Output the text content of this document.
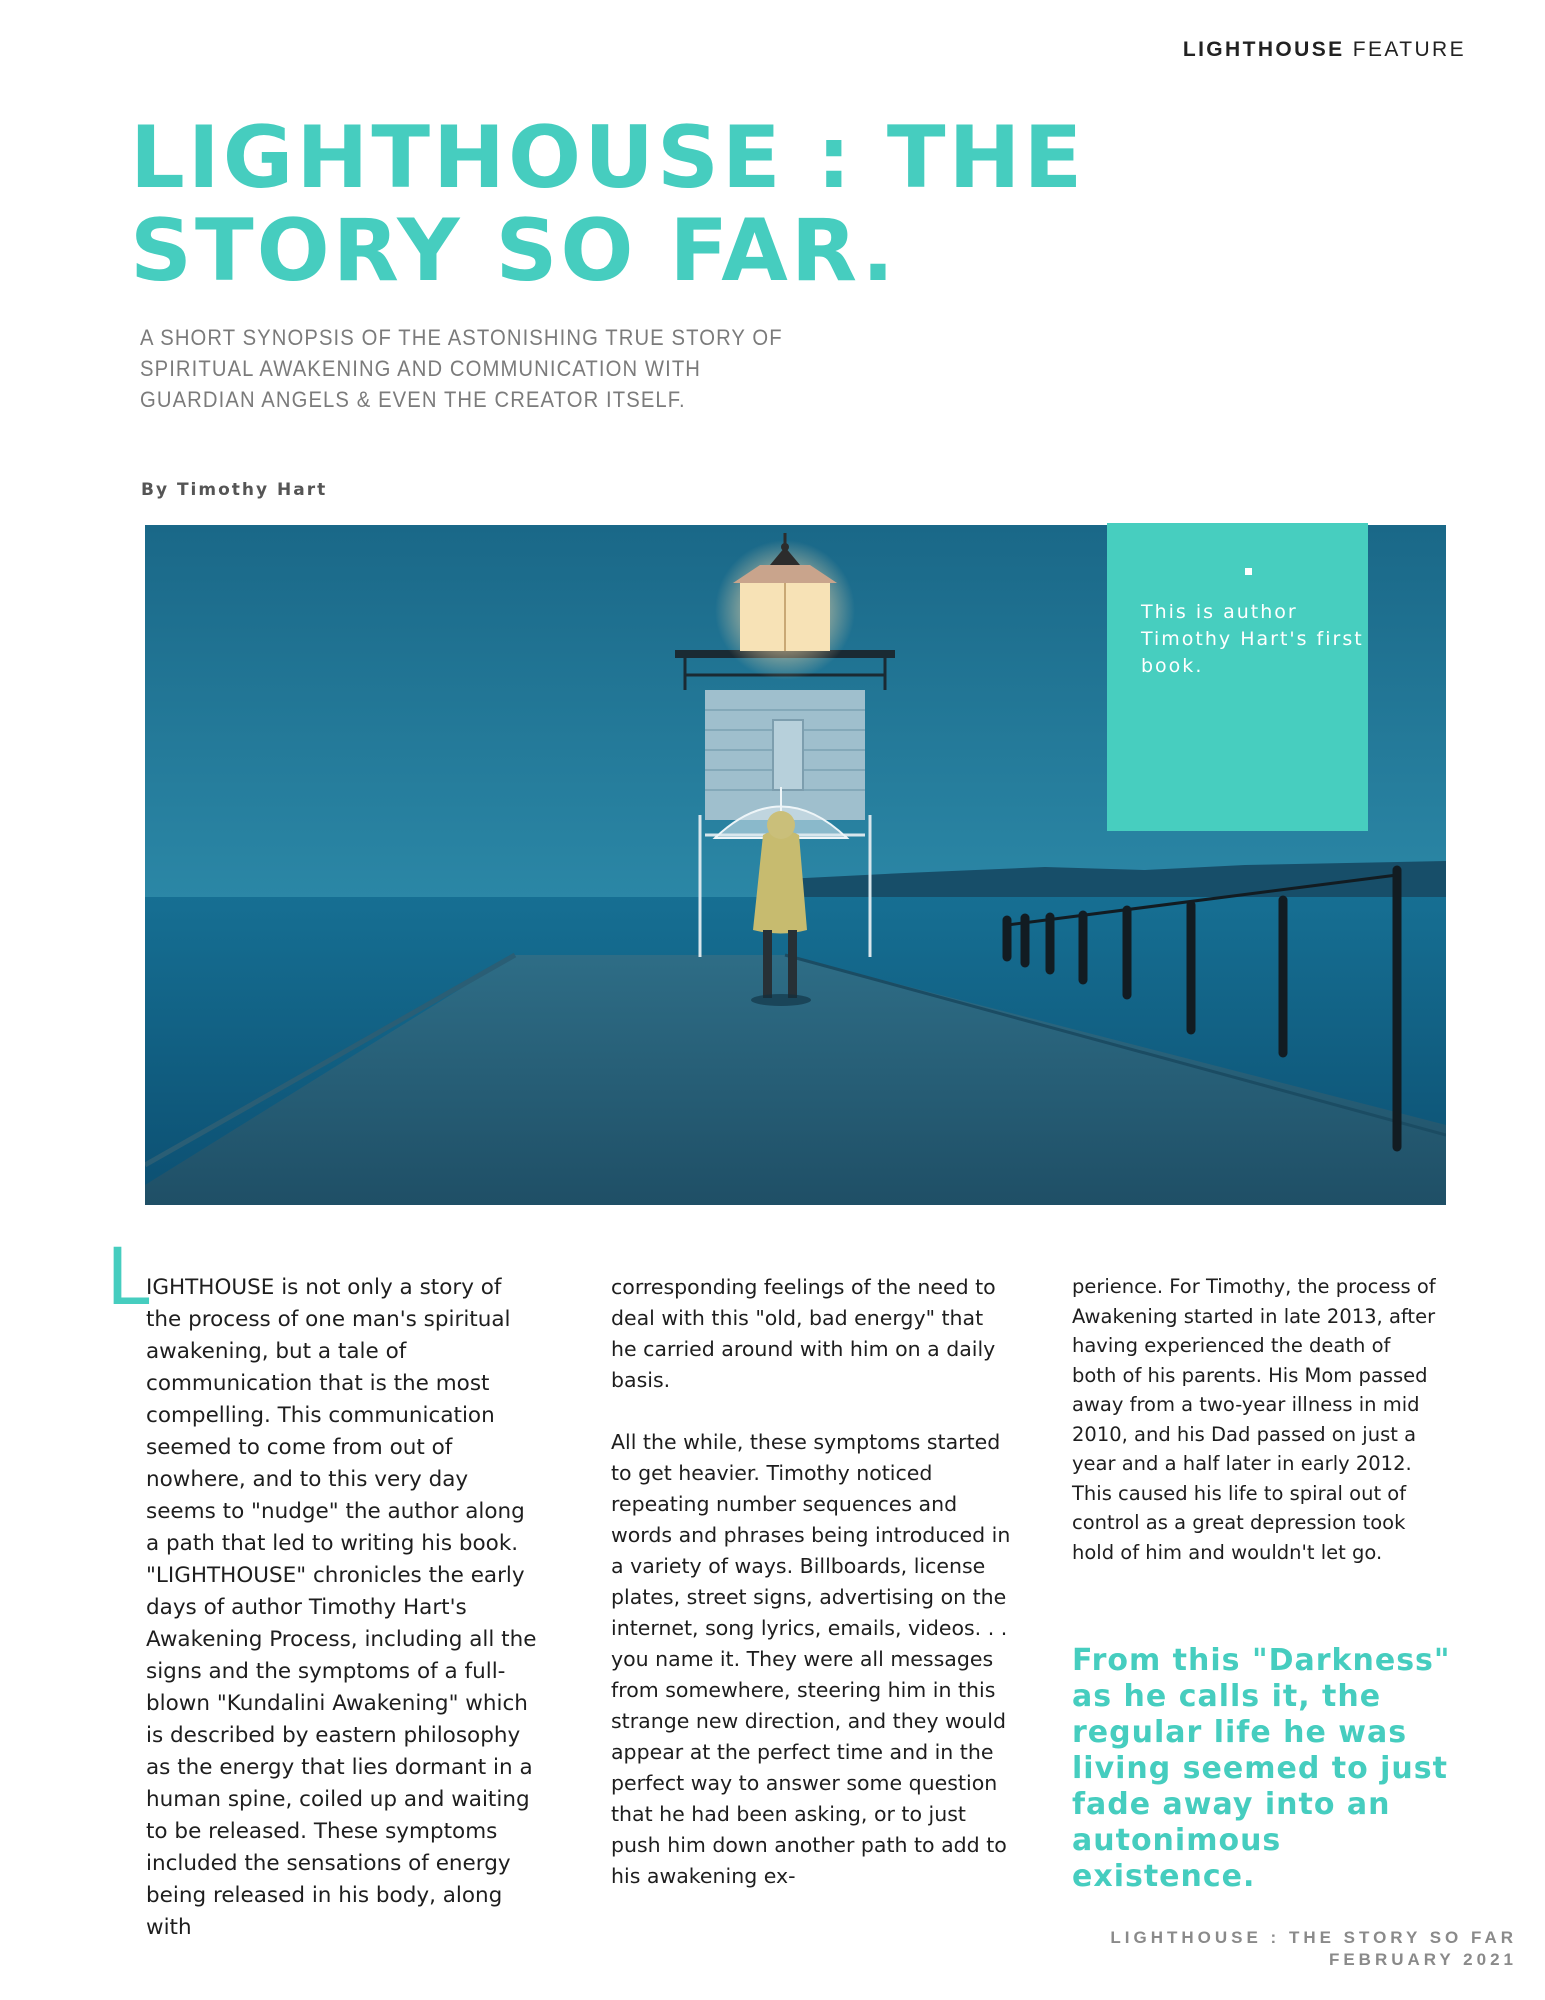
LIGHTHOUSE FEATURE
LIGHTHOUSE : THE
STORY SO FAR.

A SHORT SYNOPSIS OF THE ASTONISHING TRUE STORY OF SPIRITUAL AWAKENING AND COMMUNICATION WITH GUARDIAN ANGELS & EVEN THE CREATOR ITSELF.

By Timothy Hart

This is author Timothy Hart's first book.

L

IGHTHOUSE is not only a story of the process of one man's spiritual awakening, but a tale of communication that is the most compelling. This communication seemed to come from out of nowhere, and to this very day seems to "nudge" the author along a path that led to writing his book. "LIGHTHOUSE" chronicles the early days of author Timothy Hart's Awakening Process, including all the signs and the symptoms of a full-blown "Kundalini Awakening" which is described by eastern philosophy as the energy that lies dormant in a human spine, coiled up and waiting to be released. These symptoms included the sensations of energy being released in his body, along with

corresponding feelings of the need to deal with this "old, bad energy" that he carried around with him on a daily basis.

All the while, these symptoms started to get heavier. Timothy noticed repeating number sequences and words and phrases being introduced in a variety of ways. Billboards, license plates, street signs, advertising on the internet, song lyrics, emails, videos. . . you name it. They were all messages from somewhere, steering him in this strange new direction, and they would appear at the perfect time and in the perfect way to answer some question that he had been asking, or to just push him down another path to add to his awakening ex-

perience. For Timothy, the process of Awakening started in late 2013, after having experienced the death of both of his parents. His Mom passed away from a two-year illness in mid 2010, and his Dad passed on just a year and a half later in early 2012. This caused his life to spiral out of control as a great depression took hold of him and wouldn't let go.

From this "Darkness" as he calls it, the regular life he was living seemed to just fade away into an autonimous existence.

LIGHTHOUSE : THE STORY SO FAR
FEBRUARY 2021
